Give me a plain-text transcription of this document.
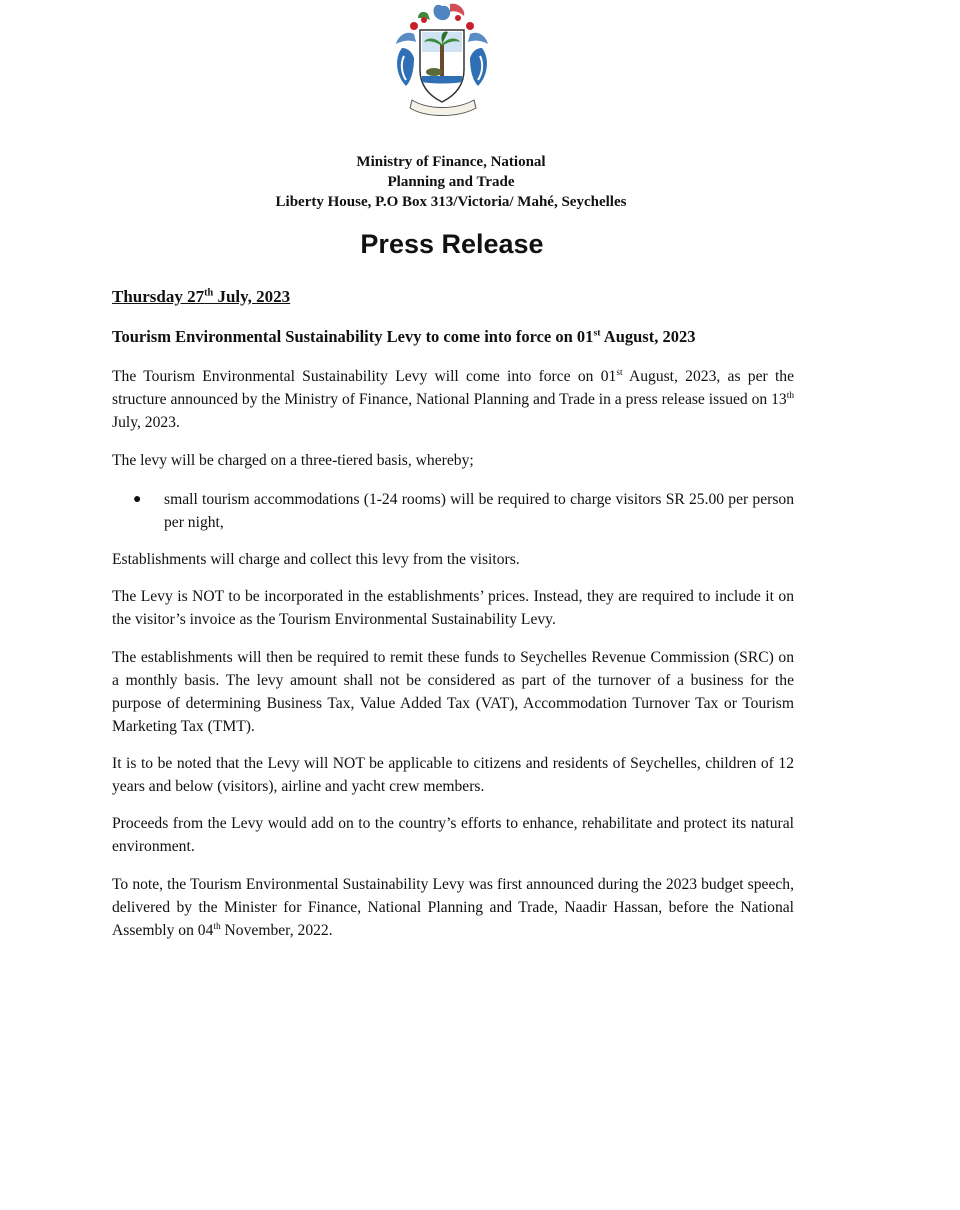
Ministry of Finance, National
Planning and Trade
Liberty House, P.O Box 313/Victoria/ Mahé, Seychelles
Press Release
Thursday 27th July, 2023
Tourism Environmental Sustainability Levy to come into force on 01st August, 2023

The Tourism Environmental Sustainability Levy will come into force on 01st August, 2023, as per the structure announced by the Ministry of Finance, National Planning and Trade in a press release issued on 13th July, 2023.

The levy will be charged on a three-tiered basis, whereby;

● small tourism accommodations (1-24 rooms) will be required to charge visitors SR 25.00 per person per night,

Establishments will charge and collect this levy from the visitors.

The Levy is NOT to be incorporated in the establishments’ prices. Instead, they are required to include it on the visitor’s invoice as the Tourism Environmental Sustainability Levy.

The establishments will then be required to remit these funds to Seychelles Revenue Commission (SRC) on a monthly basis. The levy amount shall not be considered as part of the turnover of a business for the purpose of determining Business Tax, Value Added Tax (VAT), Accommodation Turnover Tax or Tourism Marketing Tax (TMT).

It is to be noted that the Levy will NOT be applicable to citizens and residents of Seychelles, children of 12 years and below (visitors), airline and yacht crew members.

Proceeds from the Levy would add on to the country’s efforts to enhance, rehabilitate and protect its natural environment.

To note, the Tourism Environmental Sustainability Levy was first announced during the 2023 budget speech, delivered by the Minister for Finance, National Planning and Trade, Naadir Hassan, before the National Assembly on 04th November, 2022.
